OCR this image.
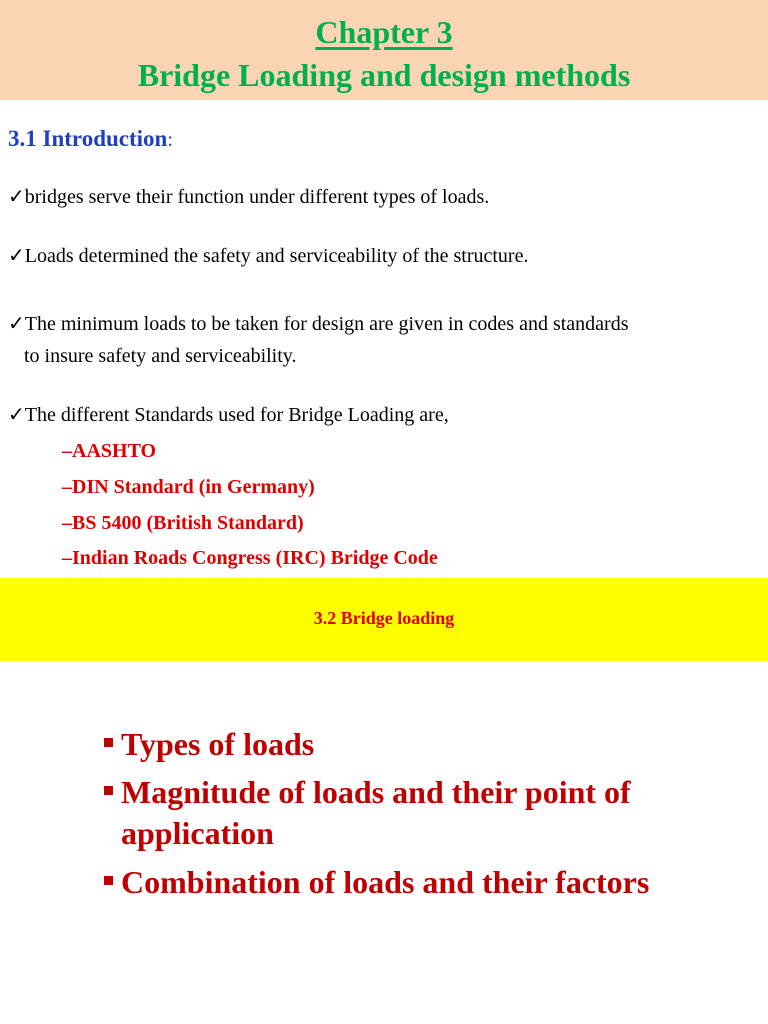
Chapter 3
Bridge Loading and design methods
3.1 Introduction:
✓bridges serve their function under different types of loads.
✓Loads determined the safety and serviceability of the structure.
✓The minimum loads to be taken for design are given in codes and standards
to insure safety and serviceability.
✓The different Standards used for Bridge Loading are,
–AASHTO
–DIN Standard (in Germany)
–BS 5400 (British Standard)
–Indian Roads Congress (IRC) Bridge Code
3.2 Bridge loading
Types of loads
Magnitude of loads and their point of application
Combination of loads and their factors
